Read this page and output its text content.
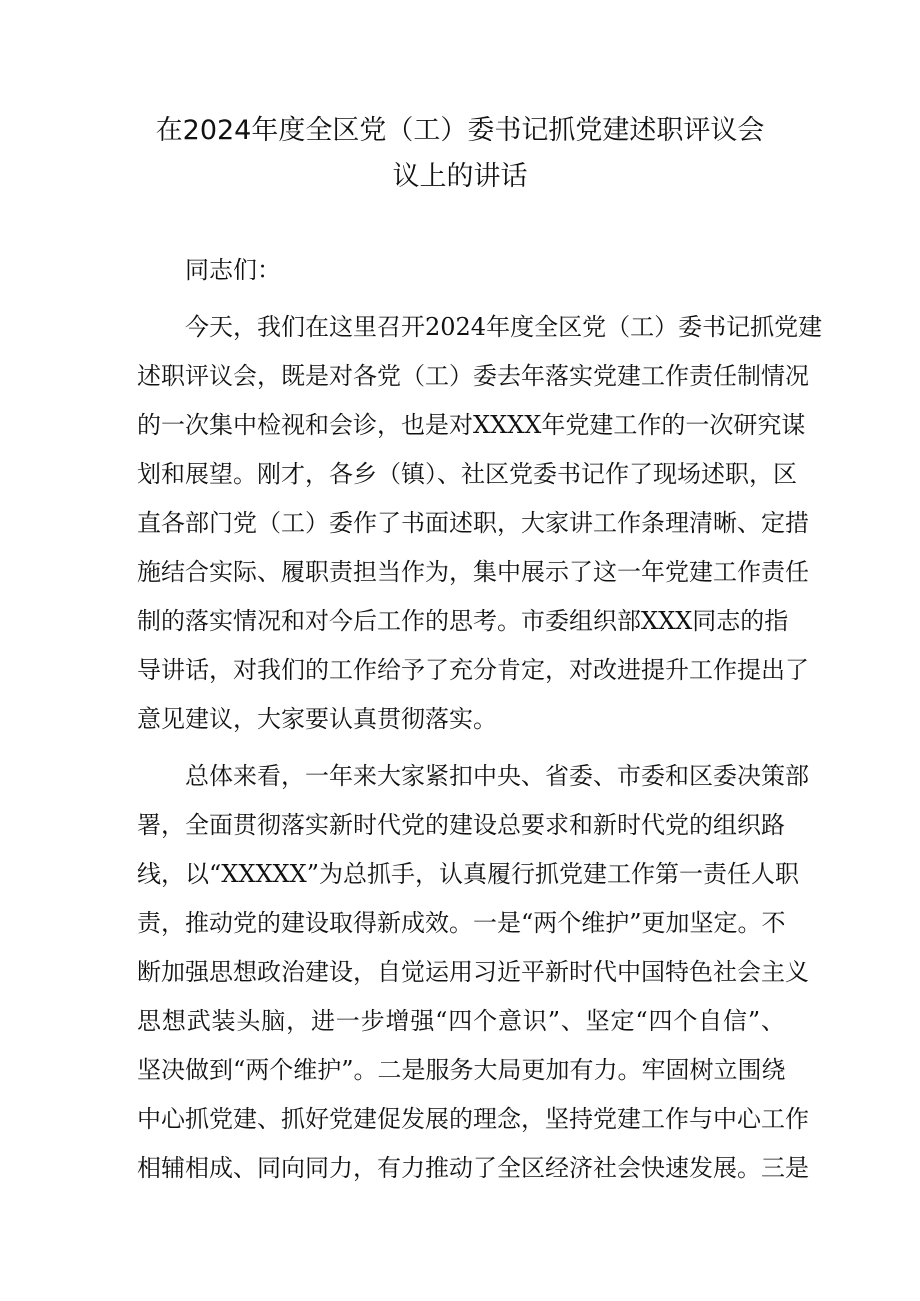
在2024年度全区党（工）委书记抓党建述职评议会
议上的讲话
同志们：
今天，我们在这里召开2024年度全区党（工）委书记抓党建
述职评议会，既是对各党（工）委去年落实党建工作责任制情况
的一次集中检视和会诊，也是对XXXX年党建工作的一次研究谋
划和展望。刚才，各乡（镇）、社区党委书记作了现场述职，区
直各部门党（工）委作了书面述职，大家讲工作条理清晰、定措
施结合实际、履职责担当作为，集中展示了这一年党建工作责任
制的落实情况和对今后工作的思考。市委组织部XXX同志的指
导讲话，对我们的工作给予了充分肯定，对改进提升工作提出了
意见建议，大家要认真贯彻落实。
总体来看，一年来大家紧扣中央、省委、市委和区委决策部
署，全面贯彻落实新时代党的建设总要求和新时代党的组织路
线，以“XXXXX”为总抓手，认真履行抓党建工作第一责任人职
责，推动党的建设取得新成效。一是“两个维护”更加坚定。不
断加强思想政治建设，自觉运用习近平新时代中国特色社会主义
思想武装头脑，进一步增强“四个意识”、坚定“四个自信”、
坚决做到“两个维护”。二是服务大局更加有力。牢固树立围绕
中心抓党建、抓好党建促发展的理念，坚持党建工作与中心工作
相辅相成、同向同力，有力推动了全区经济社会快速发展。三是
